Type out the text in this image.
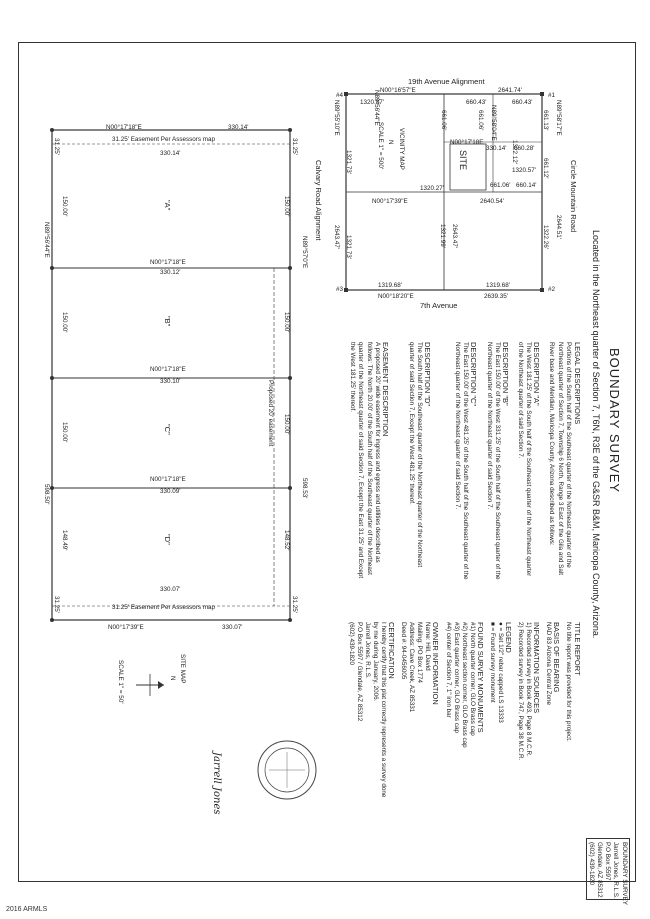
BOUNDARY SURVEY
Located in the Northeast quarter of Section 7, T6N, R3E of the G&SR B&M, Maricopa County, Arizona.
19th Avenue Alignment
N00°16'57"E	2641.74'
#4	#1
#3	#2
Circle Mountain Road
N89°58'17"E
2644.51'
1322.26'
661.13'
661.12'
Calvary Road Alignment
N89°55'10"E
2643.47'
1321.73'
1321.73'
1320.87'	660.43'	660.43'
N00°17'18E
330.14' 660.28'
1320.57'
661.06' 660.14'
1320.27'
N00°17'39"E	2640.54'
661.06'	661.06' N89°58'04"E
1322.12'
1321.99' 2643.47'
SITE
VICINITY MAP
N
SCALE 1" = 500'
N89°56'44"E
1319.68'	1319.68'
N00°18'20"E	2639.35'
7th Avenue
N00°17'18"E	330.14'
31.25' Easement Per Assessors map
31.25' Easement Per Assessors map
N00°17'39"E	330.07'
31.25'
31.25'
31.25'
31.25'
N89°56'44"E
598.50'
N89°57'0"E
598.53'
Proposed 20' easement
330.14'
"A"
150.00'	150.00'
N00°17'18"E
330.12'
"B"
150.00'	150.00'
N00°17'18"E
330.10'
"C"
150.00'	150.00'
N00°17'18"E
330.09'
"D"
148.49'	148.52'
330.07'
SITE MAP
N
SCALE 1" = 50'
LEGAL DESCRIPTIONS
Portions of the South half of the Southeast quarter of the Northeast quarter of the Northeast quarter of Section 7, Township 6 North, Range 3 East of the Gila and Salt River base and Meridian, Maricopa County, Arizona described as follows:
DESCRIPTION "A"
The West 181.25' of the South half of the Southeast quarter of the Northeast quarter of the Northeast quarter of said Section 7.
DESCRIPTION "B"
The East 150.00' of the West 331.25' of the South half of the Southeast quarter of the Northeast quarter of the Northeast quarter of said Section 7.
DESCRIPTION "C"
The East 150.00' of the West 481.25' of the South half of the Southeast quarter of the Northeast quarter of the Northeast quarter of said Section 7.
DESCRIPTION "D"
The South half of the Southeast quarter of the Northeast quarter of the Northeast quarter of said Section 7, Except the West 481.25' thereof.
EASEMENT DESCRIPTION
A proposed 20' wide easement for ingress and egress and utilities described as follows: The North 20.00' of the South half of the Southeast quarter of the Northeast quarter of the Northeast quarter of said Section 7, Except the East 31.25' and Except the West 181.25' thereof.
TITLE REPORT
No title report was provided for this project.
BASIS OF BEARING
NAD 83 Arizona Central Zone
INFORMATION SOURCES
1) Recorded survey in Book 493, Page 8 M.C.R.
2) Recorded survey in Book 747, Page 38 M.C.R.
LEGEND
● = Set 1/2" rebar capped LS 13333
■ = Found survey monument
FOUND SURVEY MONUMENTS
#1) North quarter corner, GLO Brass cap
#2) Northeast section corner, GLO Brass cap
#3) East quarter corner, GLO Brass cap
#4) center of Section 7, 1" iron bar
OWNER INFORMATION
Name: Hill, David
Mailing: PO Box 1774
Address: Cave Creek, AZ 85331
Deed #: 94-0456005
CERTIFICATION
I hereby certify that this plat correctly represents a survey done by me during January, 2006.
Jarrell Jones, R.L.S.
P.O Box 5597 / Glendale, AZ 85312
(602) 439-1820
Jarrell Jones
BOUNDARY SURVEY
Jarrell Jones, R.L.S.
P.O Box 5597
Glendale, AZ 85312
(602) 439-1820
2016 ARMLS
